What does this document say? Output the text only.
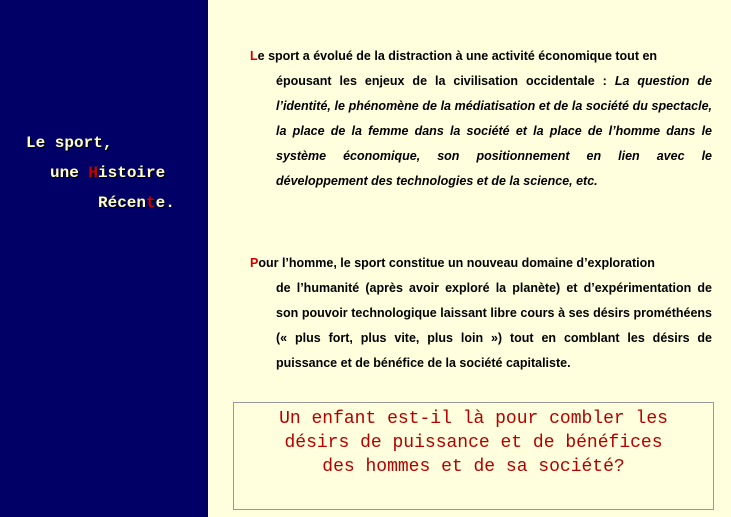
Le sport,
une Histoire
Récente.
Le sport a évolué de la distraction à une activité économique tout en
épousant les enjeux de la civilisation occidentale : La question de l’identité, le phénomène de la médiatisation et de la société du spectacle, la place de la femme dans la société et la place de l’homme dans le système économique, son positionnement en lien avec le développement des technologies et de la science, etc.
Pour l’homme, le sport constitue un nouveau domaine d’exploration
de l’humanité (après avoir exploré la planète) et d’expérimentation de son pouvoir technologique laissant libre cours à ses désirs prométhéens (« plus fort, plus vite, plus loin ») tout en comblant les désirs de puissance et de bénéfice de la société capitaliste.
Un enfant est-il là pour combler les
désirs de puissance et de bénéfices
des hommes et de sa société?
